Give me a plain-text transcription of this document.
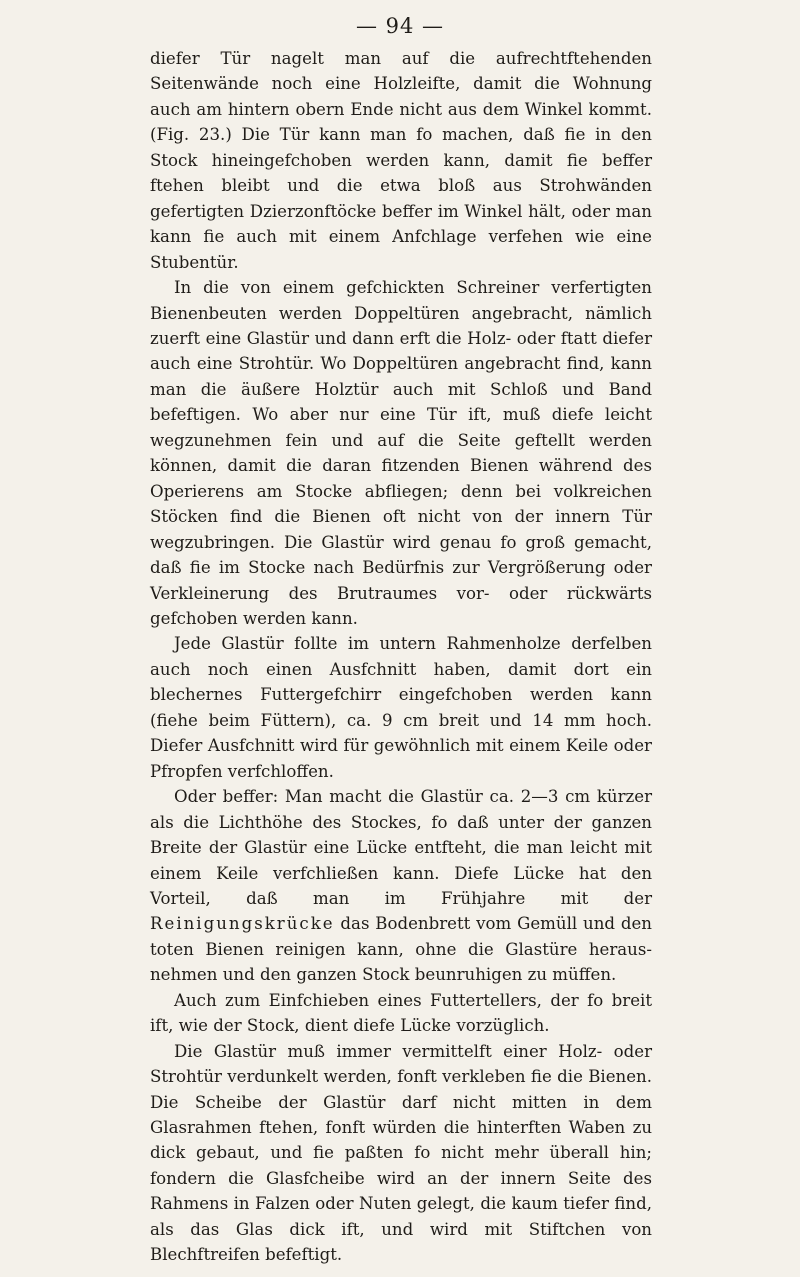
— 94 —

diefer Tür nagelt man auf die aufrechtftehenden Seitenwände noch eine Holzleifte, damit die Wohnung auch am hintern obern Ende nicht aus dem Winkel kommt. (Fig. 23.) Die Tür kann man fo machen, daß fie in den Stock hineingefchoben werden kann, damit fie beffer ftehen bleibt und die etwa bloß aus Strohwänden gefertigten Dzierzonftöcke beffer im Winkel hält, oder man kann fie auch mit einem Anfchlage verfehen wie eine Stubentür.

In die von einem gefchickten Schreiner verfertigten Bienenbeuten werden Doppeltüren angebracht, nämlich zuerft eine Glastür und dann erft die Holz- oder ftatt diefer auch eine Strohtür. Wo Doppeltüren angebracht find, kann man die äußere Holztür auch mit Schloß und Band befeftigen. Wo aber nur eine Tür ift, muß diefe leicht wegzunehmen fein und auf die Seite geftellt werden können, damit die daran fitzenden Bienen während des Operierens am Stocke abfliegen; denn bei volkreichen Stöcken find die Bienen oft nicht von der innern Tür wegzubringen. Die Glastür wird genau fo groß gemacht, daß fie im Stocke nach Bedürfnis zur Vergrößerung oder Verkleinerung des Brutraumes vor- oder rückwärts gefchoben werden kann.

Jede Glastür follte im untern Rahmenholze derfelben auch noch einen Ausfchnitt haben, damit dort ein blechernes Futtergefchirr eingefchoben werden kann (fiehe beim Füttern), ca. 9 cm breit und 14 mm hoch. Diefer Ausfchnitt wird für gewöhnlich mit einem Keile oder Pfropfen verfchloffen.

Oder beffer: Man macht die Glastür ca. 2—3 cm kürzer als die Lichthöhe des Stockes, fo daß unter der ganzen Breite der Glastür eine Lücke entfteht, die man leicht mit einem Keile verfchließen kann. Diefe Lücke hat den Vorteil, daß man im Frühjahre mit der Reinigungskrücke das Bodenbrett vom Gemüll und den toten Bienen reinigen kann, ohne die Glastüre herausnehmen und den ganzen Stock beunruhigen zu müffen.

Auch zum Einfchieben eines Futtertellers, der fo breit ift, wie der Stock, dient diefe Lücke vorzüglich.

Die Glastür muß immer vermittelft einer Holz- oder Strohtür verdunkelt werden, fonft verkleben fie die Bienen. Die Scheibe der Glastür darf nicht mitten in dem Glasrahmen ftehen, fonft würden die hinterften Waben zu dick gebaut, und fie paßten fo nicht mehr überall hin; fondern die Glasfcheibe wird an der innern Seite des Rahmens in Falzen oder Nuten gelegt, die kaum tiefer find, als das Glas dick ift, und wird mit Stiftchen von Blechftreifen befeftigt.
